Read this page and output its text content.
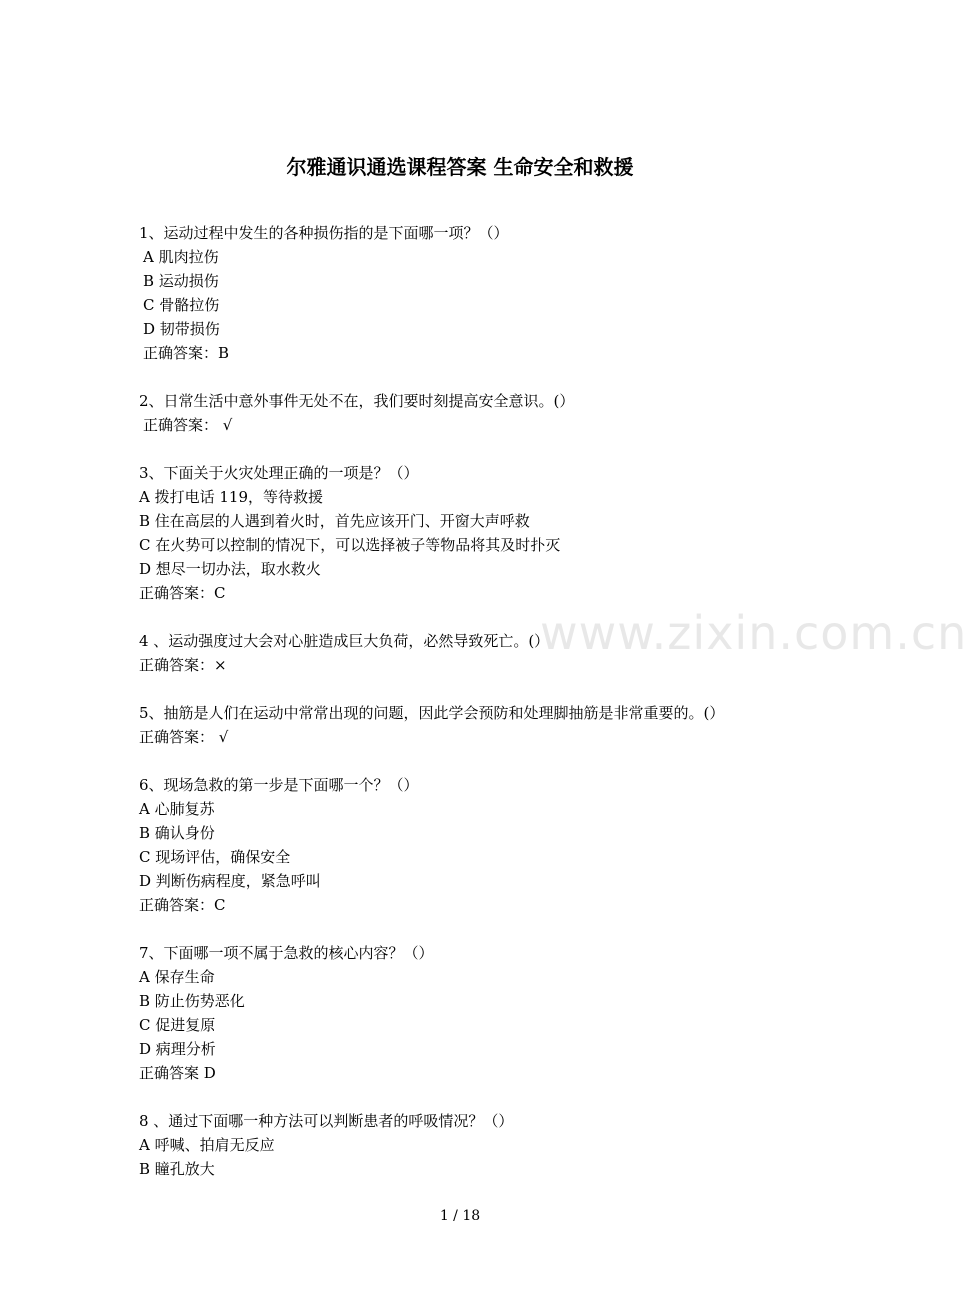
尔雅通识通选课程答案 生命安全和救援
1、运动过程中发生的各种损伤指的是下面哪一项？（）
A 肌肉拉伤
B 运动损伤
C 骨骼拉伤
D 韧带损伤
正确答案：B
2、日常生活中意外事件无处不在，我们要时刻提高安全意识。(）
正确答案： √
3、下面关于火灾处理正确的一项是？（）
A 拨打电话 119，等待救援
B 住在高层的人遇到着火时，首先应该开门、开窗大声呼救
C 在火势可以控制的情况下，可以选择被子等物品将其及时扑灭
D 想尽一切办法，取水救火
正确答案：C
4 、运动强度过大会对心脏造成巨大负荷，必然导致死亡。(）
正确答案：×
5、抽筋是人们在运动中常常出现的问题，因此学会预防和处理脚抽筋是非常重要的。(）
正确答案： √
6、现场急救的第一步是下面哪一个？（）
A 心肺复苏
B 确认身份
C 现场评估，确保安全
D 判断伤病程度，紧急呼叫
正确答案：C
7、下面哪一项不属于急救的核心内容？（）
A 保存生命
B 防止伤势恶化
C 促进复原
D 病理分析
正确答案 D
8 、通过下面哪一种方法可以判断患者的呼吸情况？（）
A 呼喊、拍肩无反应
B 瞳孔放大
www.zixin.com.cn
1 / 18
